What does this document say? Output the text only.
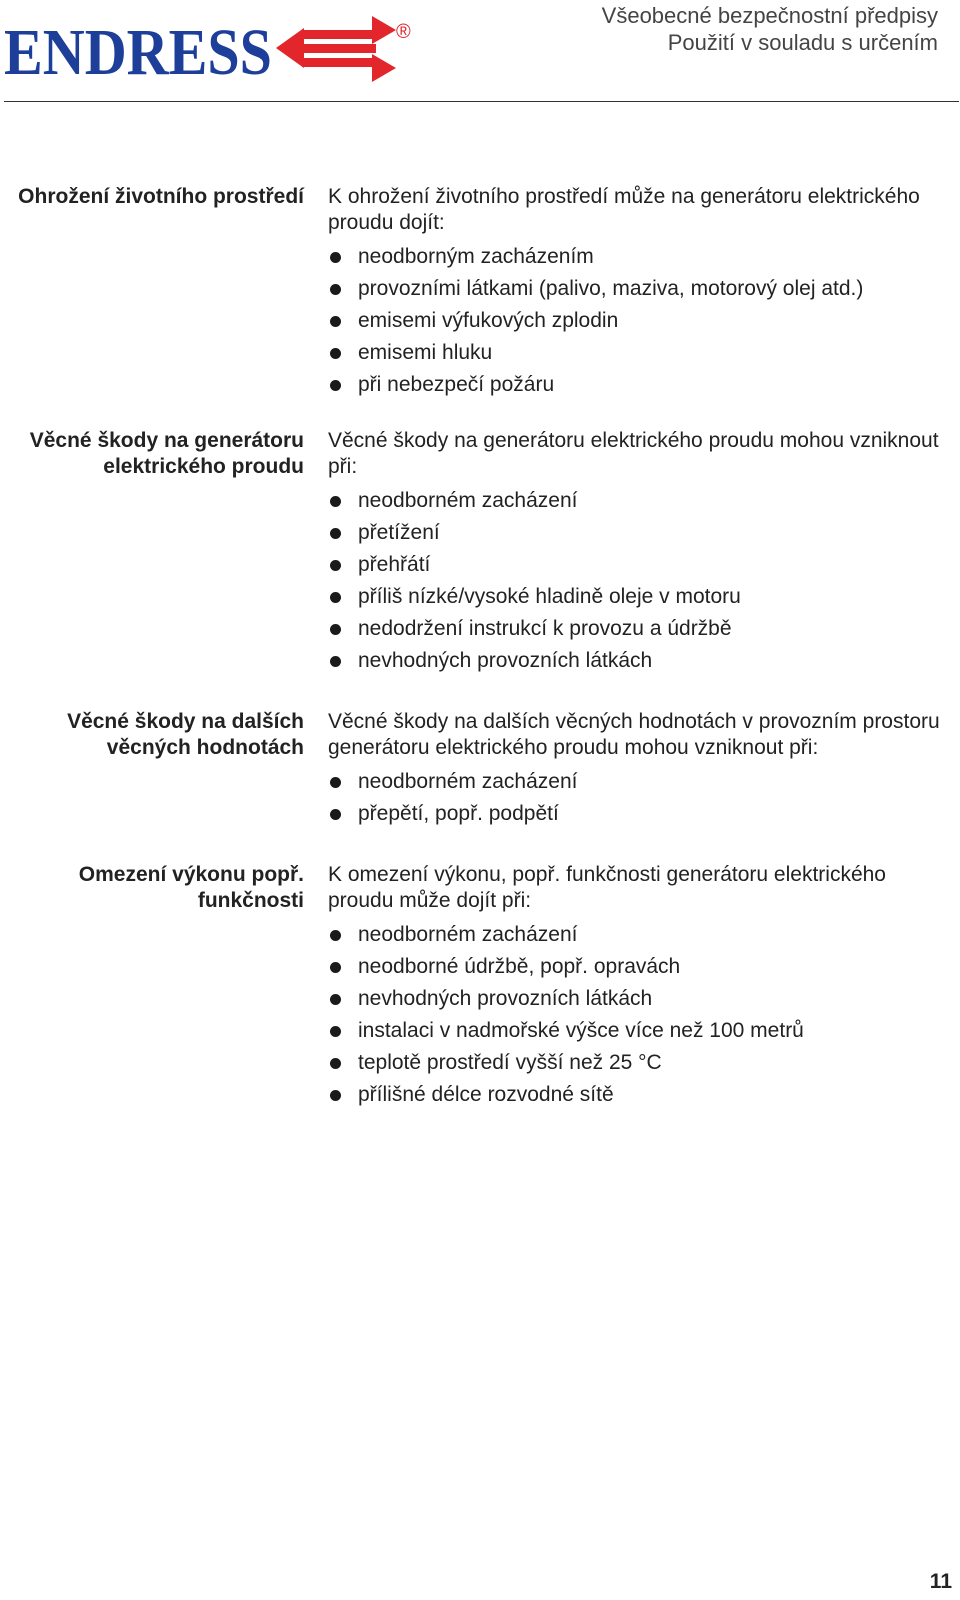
ENDRESS	®
Všeobecné bezpečnostní předpisy
Použití v souladu s určením
Ohrožení životního prostředí K ohrožení životního prostředí může na generátoru elektrického proudu dojít:

neodborným zacházením
provozními látkami (palivo, maziva, motorový olej atd.)
emisemi výfukových zplodin
emisemi hluku
při nebezpečí požáru
Věcné škody na generátoru
elektrického proudu

Věcné škody na generátoru elektrického proudu mohou vzniknout při:

neodborném zacházení
přetížení
přehřátí
příliš nízké/vysoké hladině oleje v motoru
nedodržení instrukcí k provozu a údržbě
nevhodných provozních látkách
Věcné škody na dalších
věcných hodnotách

Věcné škody na dalších věcných hodnotách v provozním prostoru generátoru elektrického proudu mohou vzniknout při:

neodborném zacházení
přepětí, popř. podpětí
Omezení výkonu popř.
funkčnosti

K omezení výkonu, popř. funkčnosti generátoru elektrického proudu může dojít při:

neodborném zacházení
neodborné údržbě, popř. opravách
nevhodných provozních látkách
instalaci v nadmořské výšce více než 100 metrů
teplotě prostředí vyšší než 25 °C
přílišné délce rozvodné sítě
11
